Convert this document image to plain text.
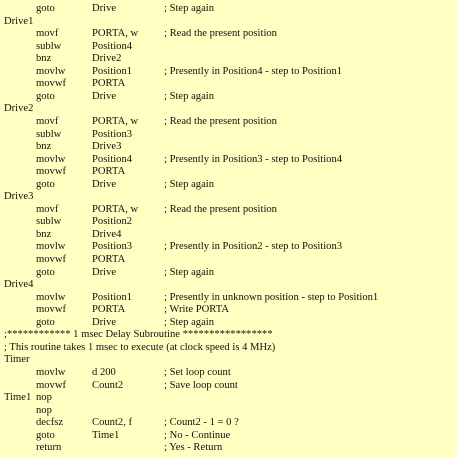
goto	Drive	; Step again
Drive1
movf	PORTA, w ; Read the present position
sublw	Position4
bnz	Drive2
movlw	Position1	; Presently in Position4 - step to Position1
movwf PORTA
goto	Drive	; Step again
Drive2
movf	PORTA, w ; Read the present position
sublw	Position3
bnz	Drive3
movlw	Position4	; Presently in Position3 - step to Position4
movwf PORTA
goto	Drive	; Step again
Drive3
movf	PORTA, w ; Read the present position
sublw	Position2
bnz	Drive4
movlw	Position3	; Presently in Position2 - step to Position3
movwf PORTA
goto	Drive	; Step again
Drive4
movlw	Position1	; Presently in unknown position - step to Position1
movwf PORTA	; Write PORTA
goto	Drive	; Step again
;************ 1 msec Delay Subroutine *****************
; This routine takes 1 msec to execute (at clock speed is 4 MHz)
Timer
movlw	d 200	; Set loop count
movwf Count2	; Save loop count
Time1 nop
nop
decfsz	Count2, f	; Count2 - 1 = 0 ?
goto	Time1	; No - Continue
return	; Yes - Return
